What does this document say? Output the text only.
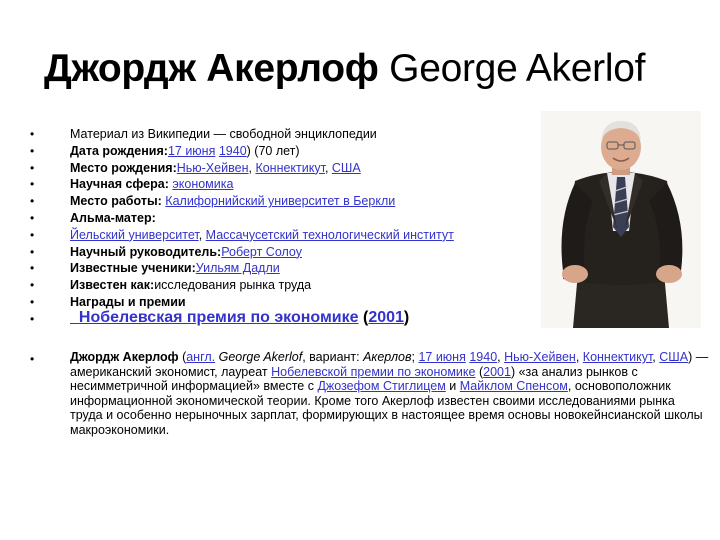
Джордж Акерлоф George Akerlof
•	Материал из Википедии — свободной энциклопедии
•	Дата рождения:17 июня 1940) (70 лет)
•	Место рождения:Нью-Хейвен, Коннектикут, США
•	Научная сфера: экономика
•	Место работы: Калифорнийский университет в Беркли
•	Альма-матер:
•	Йельский университет, Массачусетский технологический институт
•	Научный руководитель:Роберт Солоу
•	Известные ученики:Уильям Дадли
•	Известен как:исследования рынка труда
•	Награды и премии
•	Нобелевская премия по экономике (2001)
•	Джордж Акерлоф (англ. George Akerlof, вариант: Акерлов; 17 июня 1940, Нью-Хейвен, Коннектикут, США) — американский экономист, лауреат Нобелевской премии по экономике (2001) «за анализ рынков с несимметричной информацией» вместе с Джозефом Стиглицем и Майклом Спенсом, основоположник информационной экономической теории. Кроме того Акерлоф известен своими исследованиями рынка труда и особенно нерыночных зарплат, формирующих в настоящее время основы новокейнсианской школы макроэкономики.
